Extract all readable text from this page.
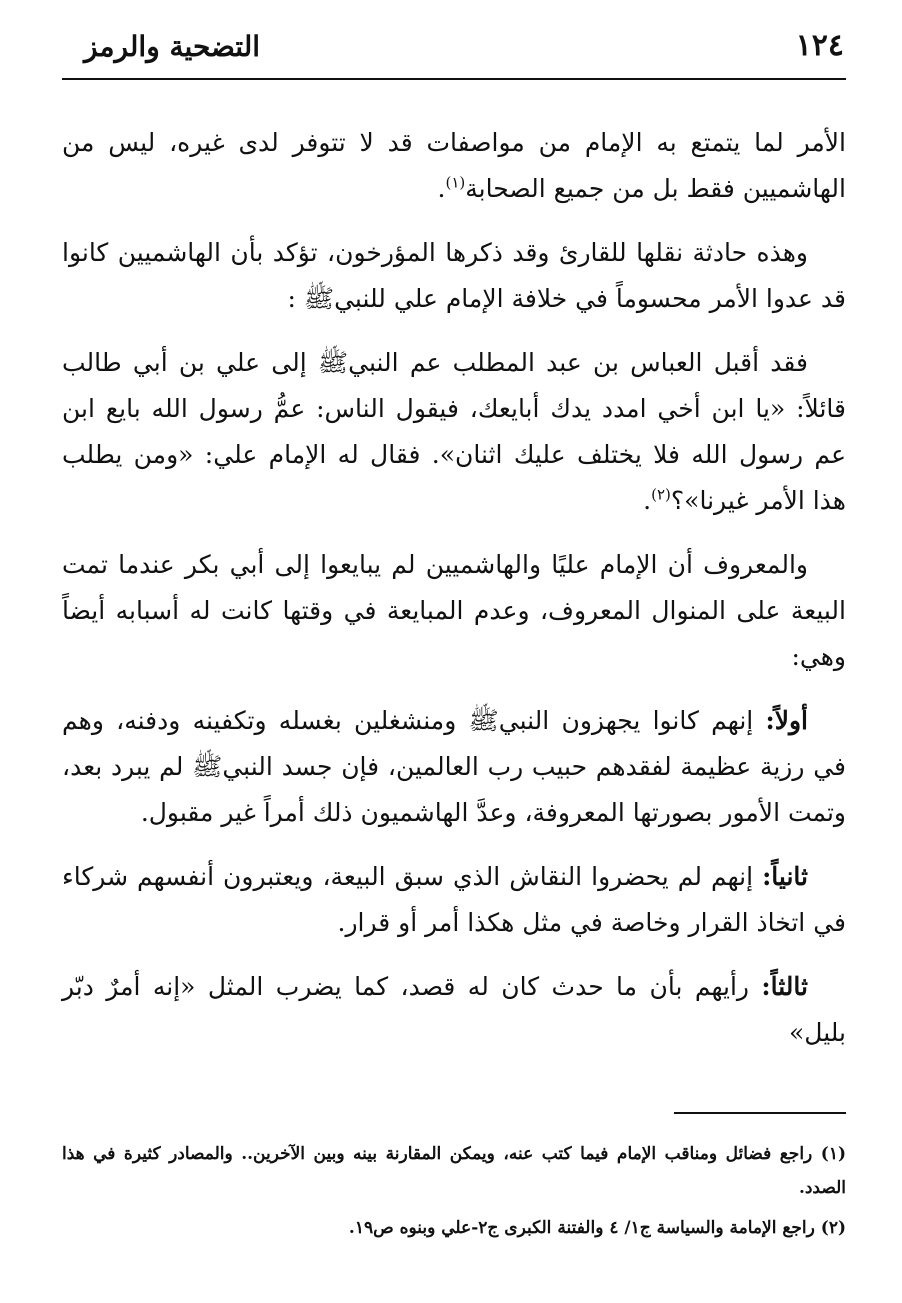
١٢٤
التضحية والرمز

الأمر لما يتمتع به الإمام من مواصفات قد لا تتوفر لدى غيره، ليس من الهاشميين فقط بل من جميع الصحابة$^{(١)}$.

وهذه حادثة نقلها للقارئ وقد ذكرها المؤرخون، تؤكد بأن الهاشميين كانوا قد عدوا الأمر محسوماً في خلافة الإمام علي للنبيﷺ :

فقد أقبل العباس بن عبد المطلب عم النبيﷺ إلى علي بن أبي طالب قائلاً: «يا ابن أخي امدد يدك أبايعك، فيقول الناس: عمُّ رسول الله بايع ابن عم رسول الله فلا يختلف عليك اثنان». فقال له الإمام علي: «ومن يطلب هذا الأمر غيرنا»؟$^{(٢)}$.

والمعروف أن الإمام عليًا والهاشميين لم يبايعوا إلى أبي بكر عندما تمت البيعة على المنوال المعروف، وعدم المبايعة في وقتها كانت له أسبابه أيضاً وهي:

أولاً: إنهم كانوا يجهزون النبيﷺ ومنشغلين بغسله وتكفينه ودفنه، وهم في رزية عظيمة لفقدهم حبيب رب العالمين، فإن جسد النبيﷺ لم يبرد بعد، وتمت الأمور بصورتها المعروفة، وعدَّ الهاشميون ذلك أمراً غير مقبول.

ثانياً: إنهم لم يحضروا النقاش الذي سبق البيعة، ويعتبرون أنفسهم شركاء في اتخاذ القرار وخاصة في مثل هكذا أمر أو قرار.

ثالثاً: رأيهم بأن ما حدث كان له قصد، كما يضرب المثل «إنه أمرٌ دبّر بليل»

(١) راجع فضائل ومناقب الإمام فيما كتب عنه، ويمكن المقارنة بينه وبين الآخرين.. والمصادر كثيرة في هذا الصدد.

(٢) راجع الإمامة والسياسة ج١/ ٤ والفتنة الكبرى ج٢-علي وبنوه ص١٩.
